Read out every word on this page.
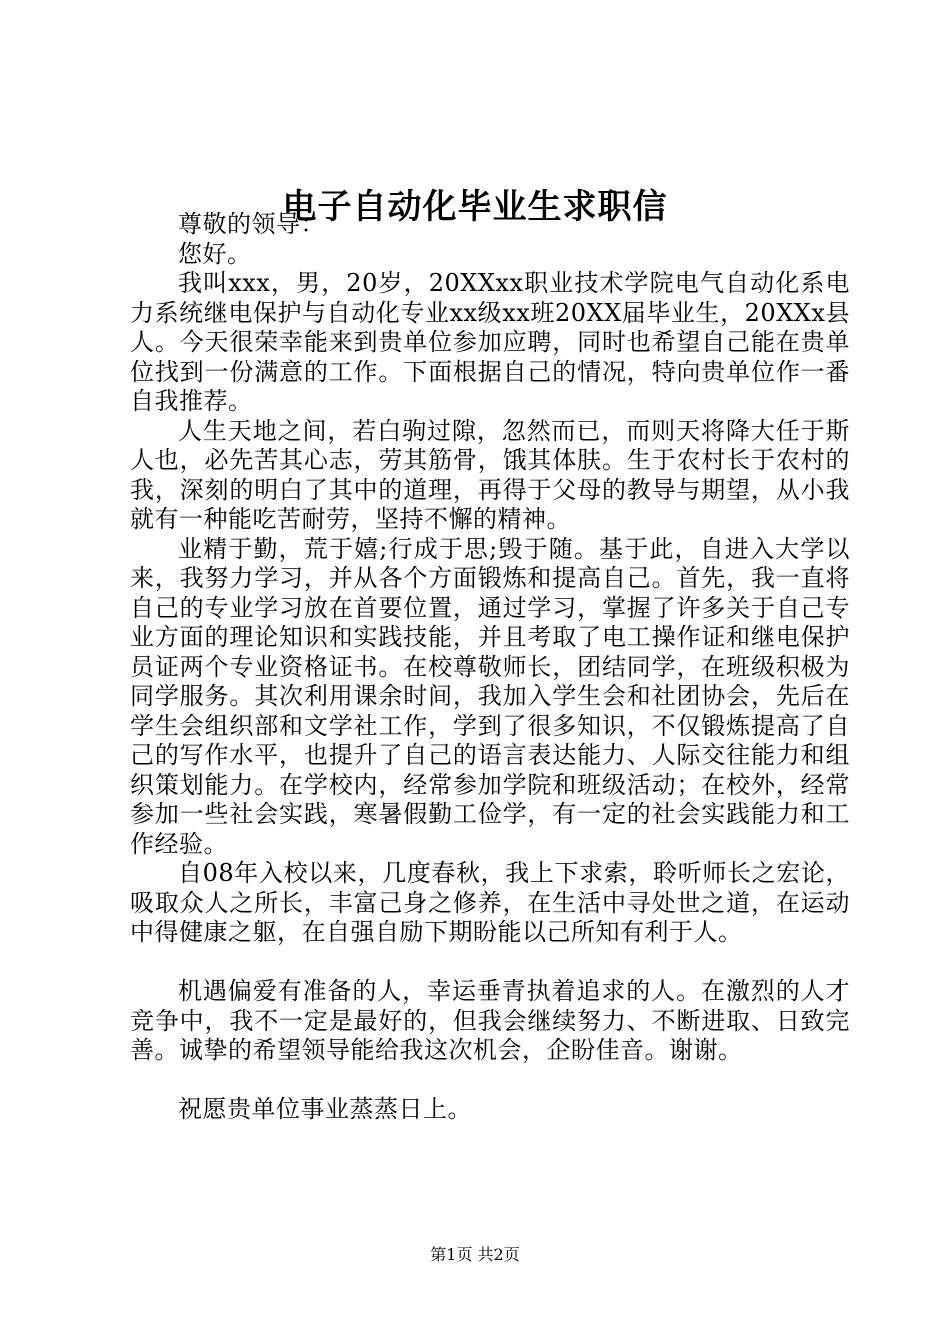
电子自动化毕业生求职信

尊敬的领导：

您好。

我叫xxx，男，20岁，20XXxx职业技术学院电气自动化系电力系统继电保护与自动化专业xx级xx班20XX届毕业生，20XXx县人。今天很荣幸能来到贵单位参加应聘，同时也希望自己能在贵单位找到一份满意的工作。下面根据自己的情况，特向贵单位作一番自我推荐。

人生天地之间，若白驹过隙，忽然而已，而则天将降大任于斯人也，必先苦其心志，劳其筋骨，饿其体肤。生于农村长于农村的我，深刻的明白了其中的道理，再得于父母的教导与期望，从小我就有一种能吃苦耐劳，坚持不懈的精神。

业精于勤，荒于嬉;行成于思;毁于随。基于此，自进入大学以来，我努力学习，并从各个方面锻炼和提高自己。首先，我一直将自己的专业学习放在首要位置，通过学习，掌握了许多关于自己专业方面的理论知识和实践技能，并且考取了电工操作证和继电保护员证两个专业资格证书。在校尊敬师长，团结同学，在班级积极为同学服务。其次利用课余时间，我加入学生会和社团协会，先后在学生会组织部和文学社工作，学到了很多知识，不仅锻炼提高了自己的写作水平，也提升了自己的语言表达能力、人际交往能力和组织策划能力。在学校内，经常参加学院和班级活动；在校外，经常参加一些社会实践，寒暑假勤工俭学，有一定的社会实践能力和工作经验。

自08年入校以来，几度春秋，我上下求索，聆听师长之宏论，吸取众人之所长，丰富己身之修养，在生活中寻处世之道，在运动中得健康之躯，在自强自励下期盼能以己所知有利于人。

机遇偏爱有准备的人，幸运垂青执着追求的人。在激烈的人才竞争中，我不一定是最好的，但我会继续努力、不断进取、日致完善。诚挚的希望领导能给我这次机会，企盼佳音。谢谢。

祝愿贵单位事业蒸蒸日上。

第1页 共2页
